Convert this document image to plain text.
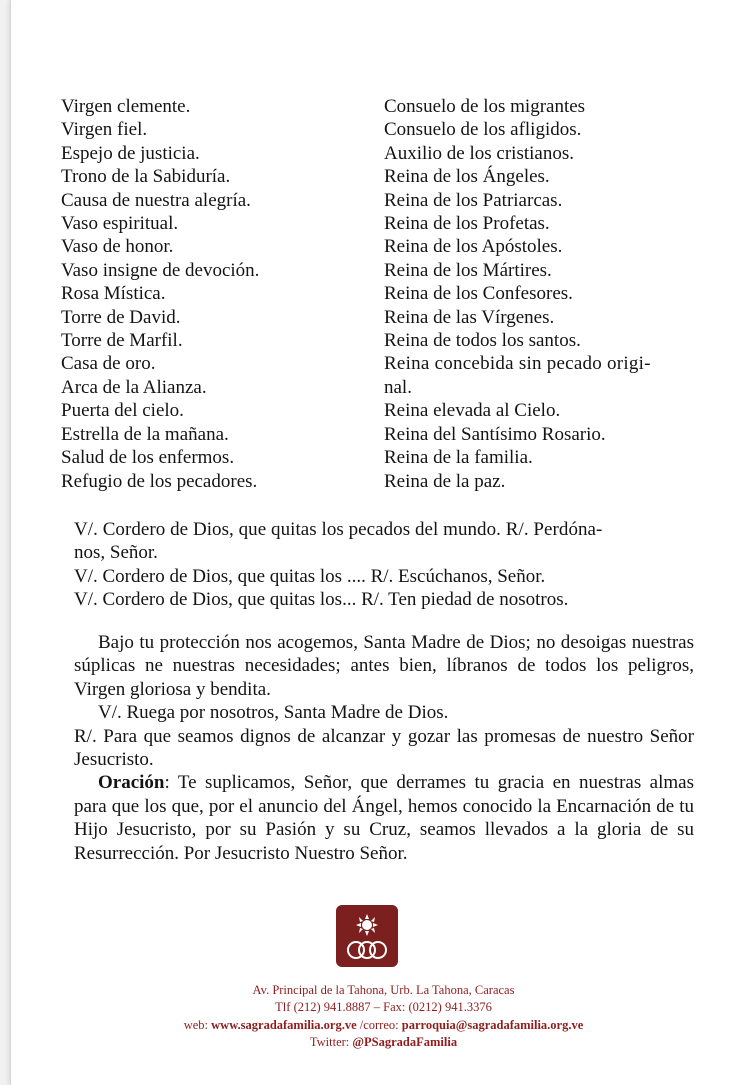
Virgen clemente.
Virgen fiel.
Espejo de justicia.
Trono de la Sabiduría.
Causa de nuestra alegría.
Vaso espiritual.
Vaso de honor.
Vaso insigne de devoción.
Rosa Mística.
Torre de David.
Torre de Marfil.
Casa de oro.
Arca de la Alianza.
Puerta del cielo.
Estrella de la mañana.
Salud de los enfermos.
Refugio de los pecadores.
Consuelo de los migrantes
Consuelo de los afligidos.
Auxilio de los cristianos.
Reina de los Ángeles.
Reina de los Patriarcas.
Reina de los Profetas.
Reina de los Apóstoles.
Reina de los Mártires.
Reina de los Confesores.
Reina de las Vírgenes.
Reina de todos los santos.
Reina concebida sin pecado origi-
nal.
Reina elevada al Cielo.
Reina del Santísimo Rosario.
Reina de la familia.
Reina de la paz.
V/. Cordero de Dios, que quitas los pecados del mundo. R/. Perdóna-
nos, Señor.
V/. Cordero de Dios, que quitas los .... R/. Escúchanos, Señor.
V/. Cordero de Dios, que quitas los... R/. Ten piedad de nosotros.
Bajo tu protección nos acogemos, Santa Madre de Dios; no desoigas nuestras súplicas ne nuestras necesidades; antes bien, líbranos de todos los peligros, Virgen gloriosa y bendita.
V/. Ruega por nosotros, Santa Madre de Dios.
R/. Para que seamos dignos de alcanzar y gozar las promesas de nuestro Señor Jesucristo.
Oración: Te suplicamos, Señor, que derrames tu gracia en nuestras almas para que los que, por el anuncio del Ángel, hemos conocido la Encarnación de tu Hijo Jesucristo, por su Pasión y su Cruz, seamos llevados a la gloria de su Resurrección. Por Jesucristo Nuestro Señor.
Av. Principal de la Tahona, Urb. La Tahona, Caracas
Tlf (212) 941.8887 – Fax: (0212) 941.3376
web: www.sagradafamilia.org.ve /correo: parroquia@sagradafamilia.org.ve
Twitter: @PSagradaFamilia
